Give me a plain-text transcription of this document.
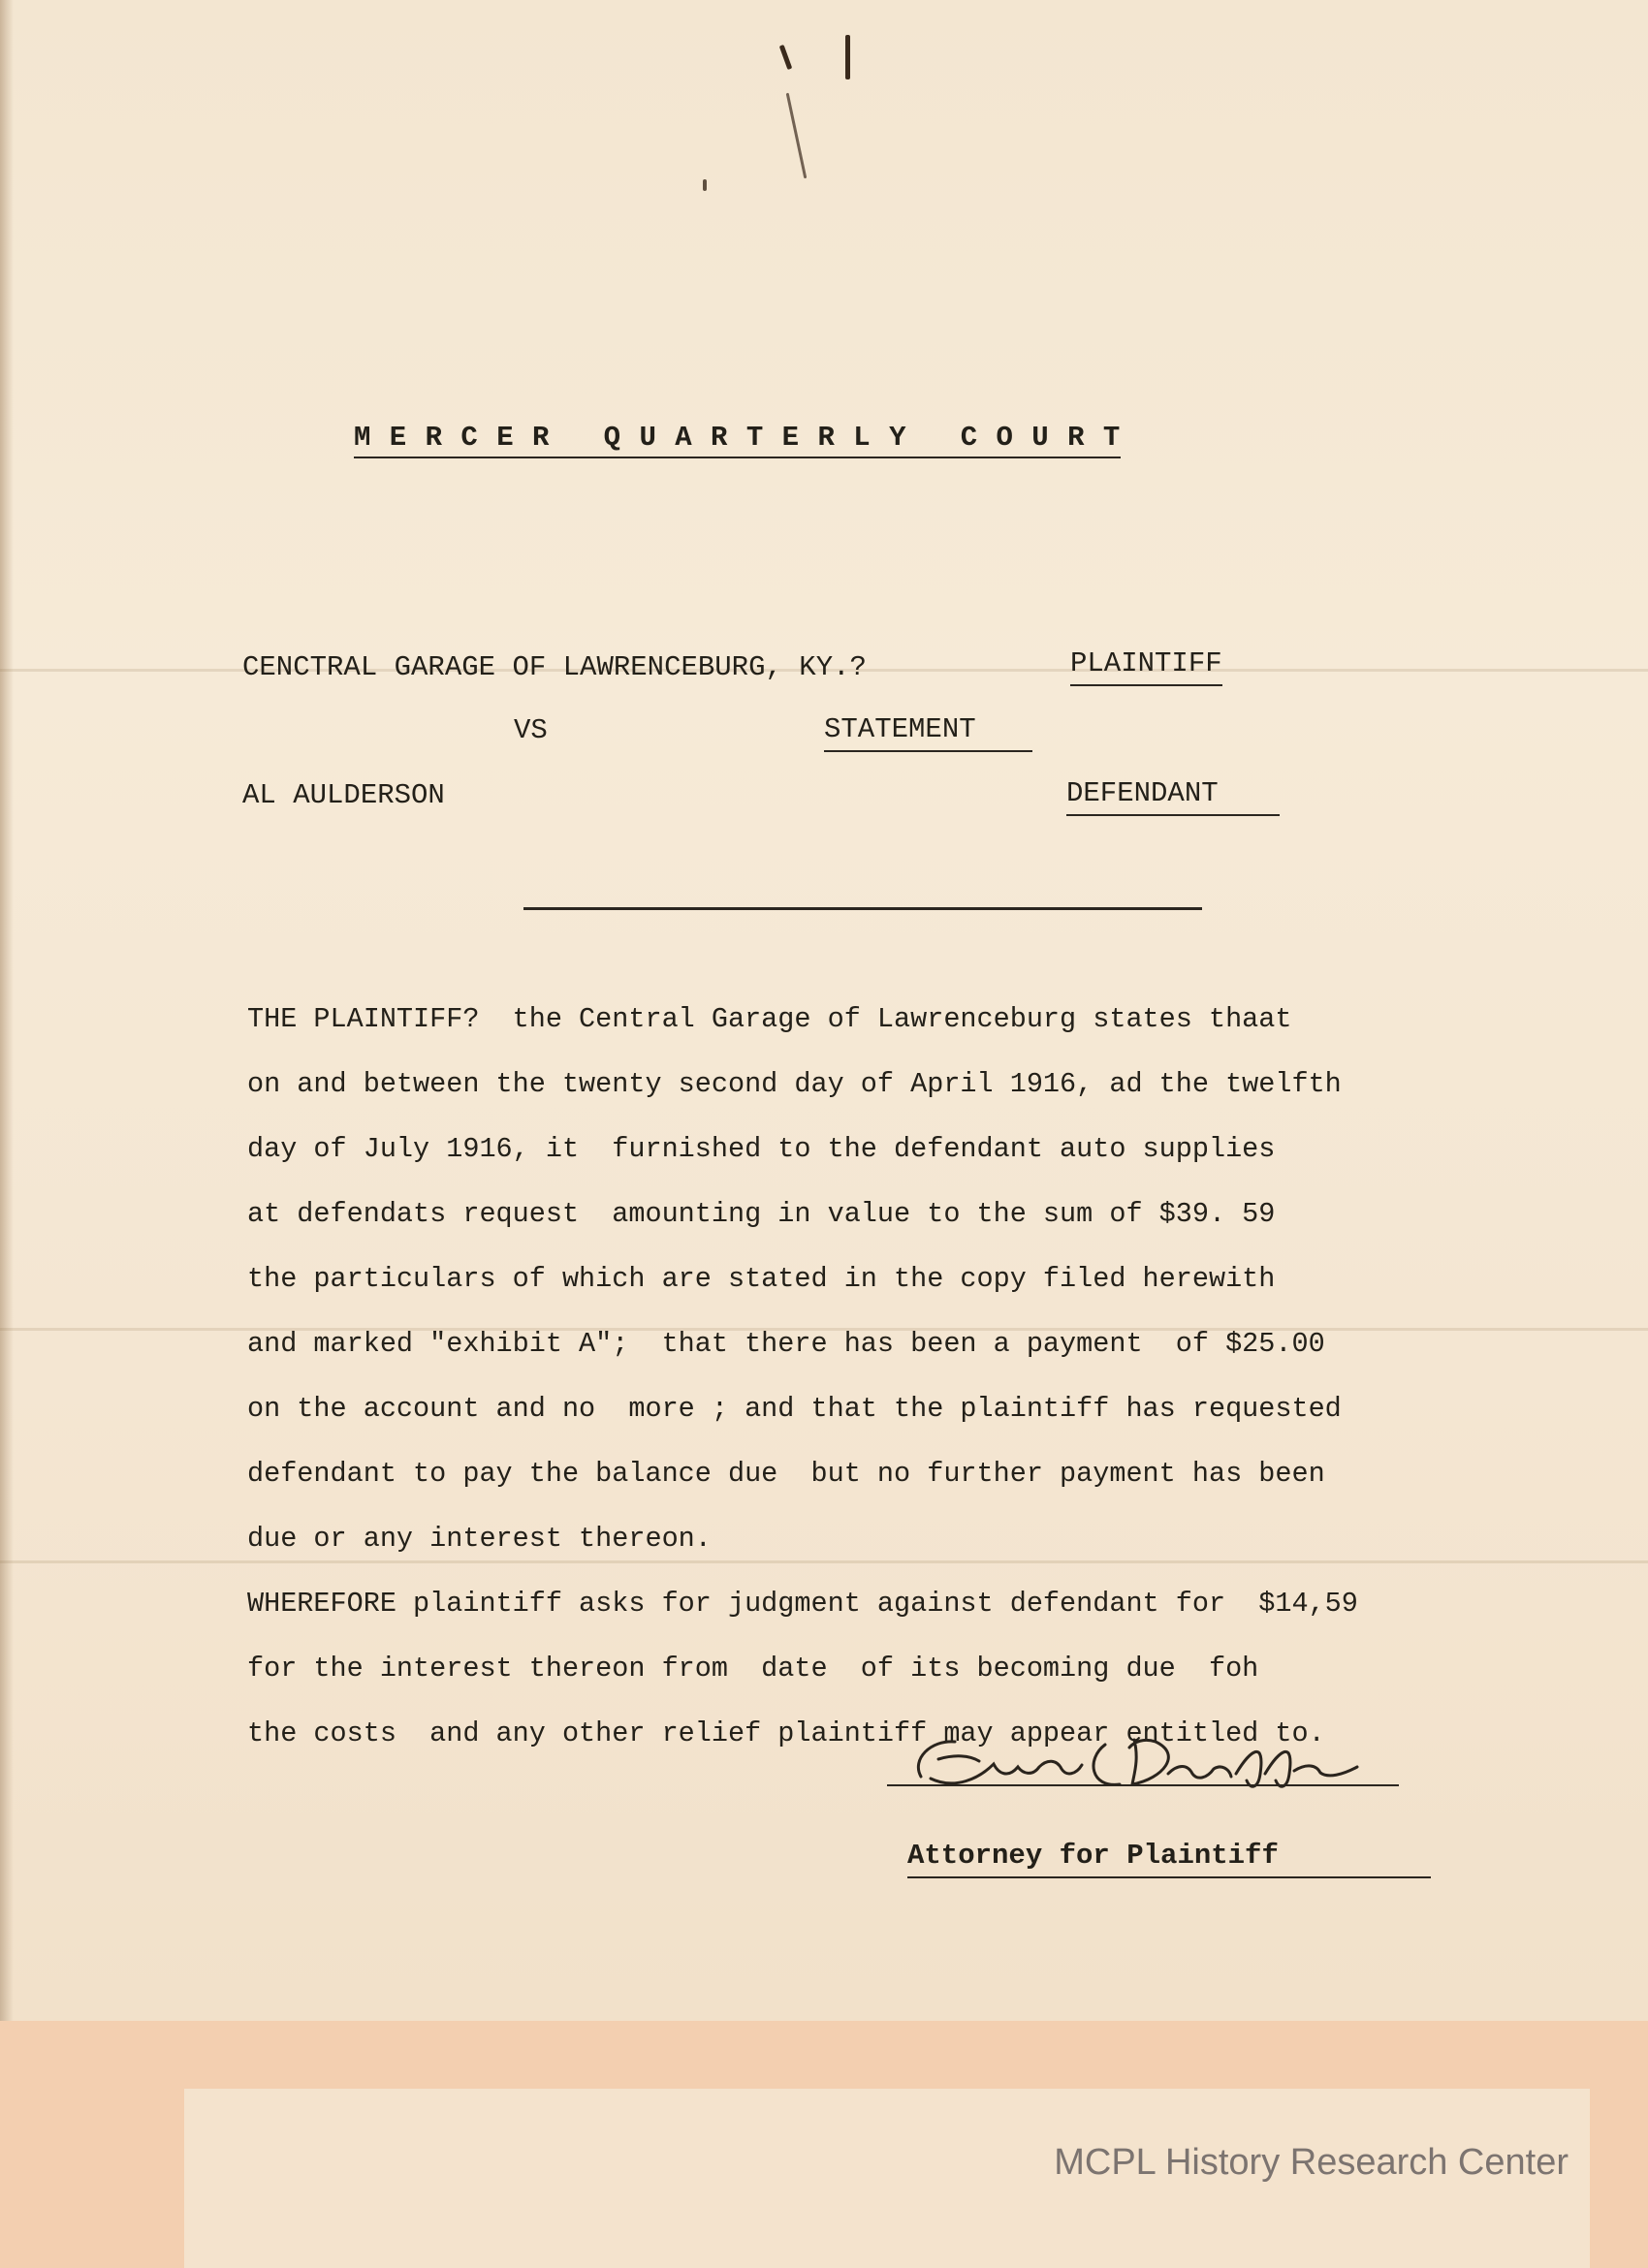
M E R C E R   Q U A R T E R L Y   C O U R T

CENCTRAL GARAGE OF LAWRENCEBURG, KY.?	PLAINTIFF

VS	STATEMENT

AL AULDERSON	DEFENDANT

THE PLAINTIFF?  the Central Garage of Lawrenceburg states thaat
on and between the twenty second day of April 1916, ad the twelfth
day of July 1916, it  furnished to the defendant auto supplies
at defendats request  amounting in value to the sum of $39. 59
the particulars of which are stated in the copy filed herewith
and marked "exhibit A";  that there has been a payment  of $25.00
on the account and no  more ; and that the plaintiff has requested
defendant to pay the balance due  but no further payment has been
due or any interest thereon.
WHEREFORE plaintiff asks for judgment against defendant for  $14,59
for the interest thereon from  date  of its becoming due  foh
the costs  and any other relief plaintiff may appear entitled to.

Attorney for Plaintiff

MCPL History Research Center
